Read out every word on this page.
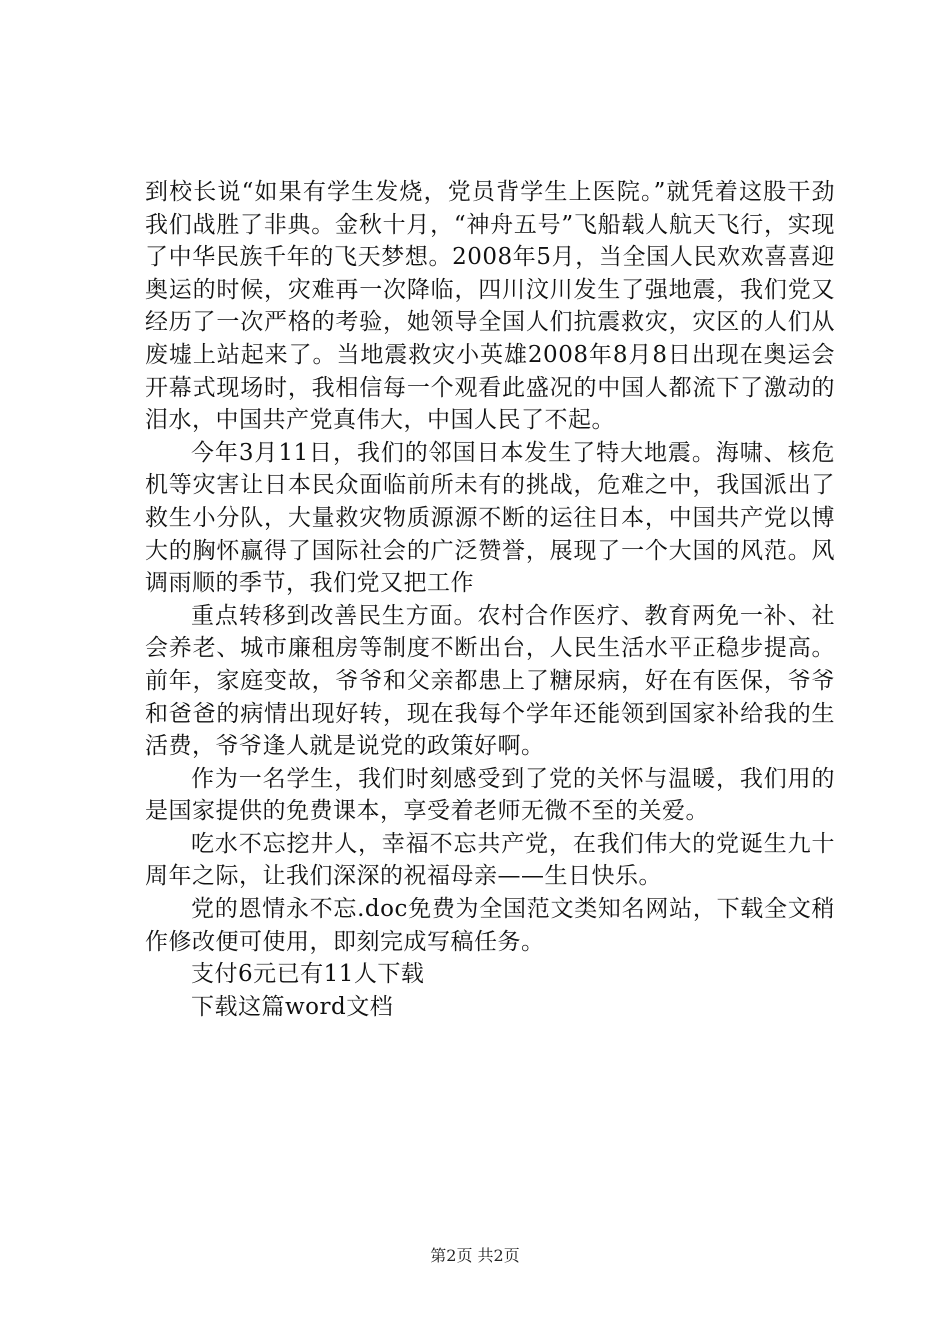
到校长说“如果有学生发烧，党员背学生上医院。”就凭着这股干劲我们战胜了非典。金秋十月，“神舟五号”飞船载人航天飞行，实现了中华民族千年的飞天梦想。2008年5月，当全国人民欢欢喜喜迎奥运的时候，灾难再一次降临，四川汶川发生了强地震，我们党又经历了一次严格的考验，她领导全国人们抗震救灾，灾区的人们从废墟上站起来了。当地震救灾小英雄2008年8月8日出现在奥运会开幕式现场时，我相信每一个观看此盛况的中国人都流下了激动的泪水，中国共产党真伟大，中国人民了不起。

今年3月11日，我们的邻国日本发生了特大地震。海啸、核危机等灾害让日本民众面临前所未有的挑战，危难之中，我国派出了救生小分队，大量救灾物质源源不断的运往日本，中国共产党以博大的胸怀赢得了国际社会的广泛赞誉，展现了一个大国的风范。风调雨顺的季节，我们党又把工作

重点转移到改善民生方面。农村合作医疗、教育两免一补、社会养老、城市廉租房等制度不断出台，人民生活水平正稳步提高。前年，家庭变故，爷爷和父亲都患上了糖尿病，好在有医保，爷爷和爸爸的病情出现好转，现在我每个学年还能领到国家补给我的生活费，爷爷逢人就是说党的政策好啊。

作为一名学生，我们时刻感受到了党的关怀与温暖，我们用的是国家提供的免费课本，享受着老师无微不至的关爱。

吃水不忘挖井人，幸福不忘共产党，在我们伟大的党诞生九十周年之际，让我们深深的祝福母亲——生日快乐。

党的恩情永不忘.doc免费为全国范文类知名网站，下载全文稍作修改便可使用，即刻完成写稿任务。

支付6元已有11人下载

下载这篇word文档

第2页 共2页
